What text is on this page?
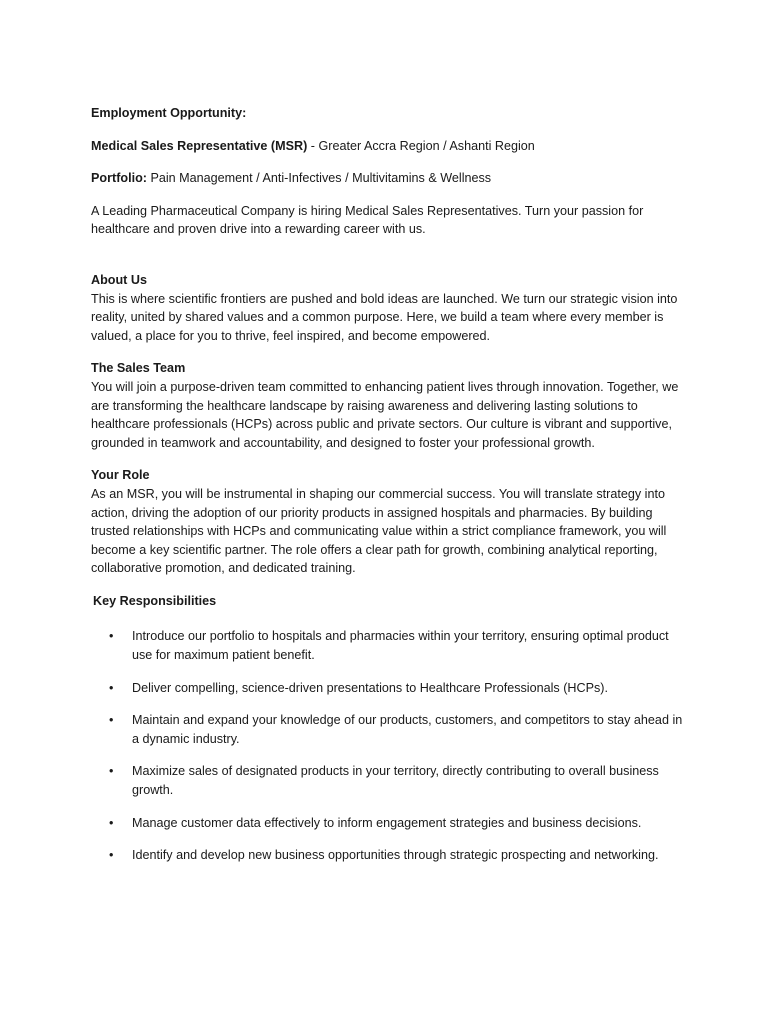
Employment Opportunity:

Medical Sales Representative (MSR) - Greater Accra Region / Ashanti Region

Portfolio: Pain Management / Anti-Infectives / Multivitamins & Wellness

A Leading Pharmaceutical Company is hiring Medical Sales Representatives. Turn your passion for healthcare and proven drive into a rewarding career with us.

About Us

This is where scientific frontiers are pushed and bold ideas are launched. We turn our strategic vision into reality, united by shared values and a common purpose. Here, we build a team where every member is valued, a place for you to thrive, feel inspired, and become empowered.

The Sales Team

You will join a purpose-driven team committed to enhancing patient lives through innovation. Together, we are transforming the healthcare landscape by raising awareness and delivering lasting solutions to healthcare professionals (HCPs) across public and private sectors. Our culture is vibrant and supportive, grounded in teamwork and accountability, and designed to foster your professional growth.

Your Role

As an MSR, you will be instrumental in shaping our commercial success. You will translate strategy into action, driving the adoption of our priority products in assigned hospitals and pharmacies. By building trusted relationships with HCPs and communicating value within a strict compliance framework, you will become a key scientific partner. The role offers a clear path for growth, combining analytical reporting, collaborative promotion, and dedicated training.

Key Responsibilities

• Introduce our portfolio to hospitals and pharmacies within your territory, ensuring optimal product use for maximum patient benefit.
• Deliver compelling, science-driven presentations to Healthcare Professionals (HCPs).
• Maintain and expand your knowledge of our products, customers, and competitors to stay ahead in a dynamic industry.
• Maximize sales of designated products in your territory, directly contributing to overall business growth.
• Manage customer data effectively to inform engagement strategies and business decisions.
• Identify and develop new business opportunities through strategic prospecting and networking.
